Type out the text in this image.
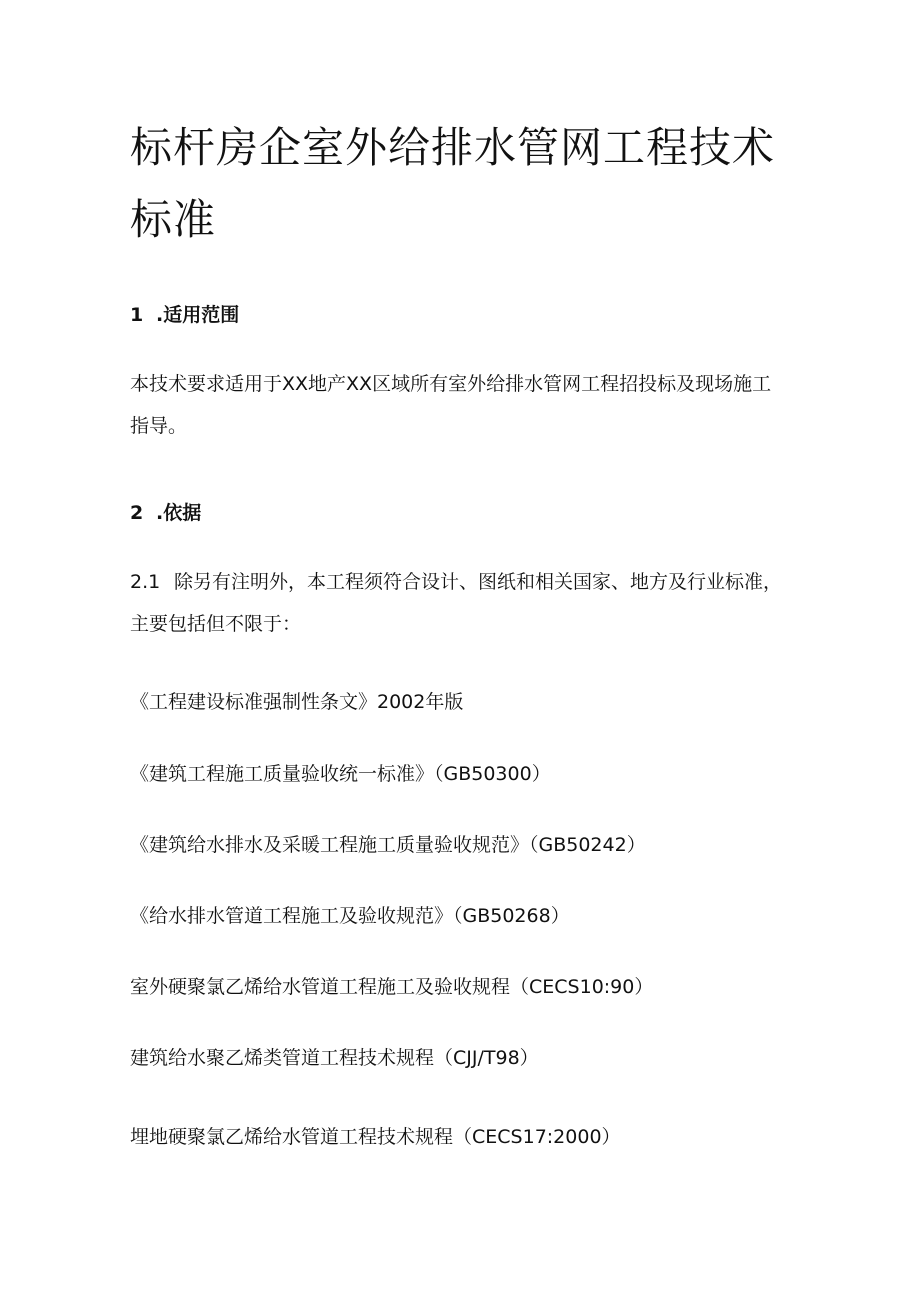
标杆房企室外给排水管网工程技术标准
1 .适用范围

本技术要求适用于XX地产XX区域所有室外给排水管网工程招投标及现场施工指导。

2 .依据

2.1 除另有注明外，本工程须符合设计、图纸和相关国家、地方及行业标准，主要包括但不限于：

《工程建设标准强制性条文》2002年版
《建筑工程施工质量验收统一标准》（GB50300）
《建筑给水排水及采暖工程施工质量验收规范》（GB50242）
《给水排水管道工程施工及验收规范》（GB50268）
室外硬聚氯乙烯给水管道工程施工及验收规程（CECS10:90）
建筑给水聚乙烯类管道工程技术规程（CJJ/T98）
埋地硬聚氯乙烯给水管道工程技术规程（CECS17:2000）
